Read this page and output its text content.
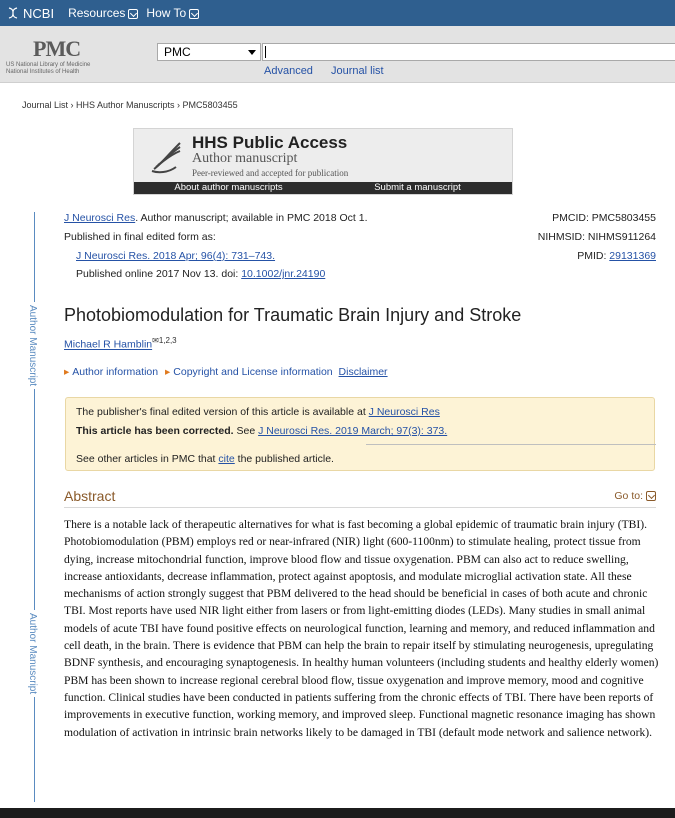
NCBI Resources How To
PMC
US National Library of Medicine
National Institutes of Health
PMC
Advanced Journal list
Journal List › HHS Author Manuscripts › PMC5803455
HHS Public Access
Author manuscript
Peer-reviewed and accepted for publication
About author manuscripts	Submit a manuscript
Author Manuscript
Author Manuscript
J Neurosci Res. Author manuscript; available in PMC 2018 Oct 1.
Published in final edited form as:
J Neurosci Res. 2018 Apr; 96(4): 731–743.
Published online 2017 Nov 13. doi: 10.1002/jnr.24190
PMCID: PMC5803455
NIHMSID: NIHMS911264
PMID: 29131369
Photobiomodulation for Traumatic Brain Injury and Stroke
Michael R Hamblin$^{✉1,2,3}$
▸ Author information ▸ Copyright and License information Disclaimer
The publisher's final edited version of this article is available at J Neurosci Res
This article has been corrected. See J Neurosci Res. 2019 March; 97(3): 373.
See other articles in PMC that cite the published article.
Abstract	Go to:
There is a notable lack of therapeutic alternatives for what is fast becoming a global epidemic of traumatic brain injury (TBI). Photobiomodulation (PBM) employs red or near-infrared (NIR) light (600-1100nm) to stimulate healing, protect tissue from dying, increase mitochondrial function, improve blood flow and tissue oxygenation. PBM can also act to reduce swelling, increase antioxidants, decrease inflammation, protect against apoptosis, and modulate microglial activation state. All these mechanisms of action strongly suggest that PBM delivered to the head should be beneficial in cases of both acute and chronic TBI. Most reports have used NIR light either from lasers or from light-emitting diodes (LEDs). Many studies in small animal models of acute TBI have found positive effects on neurological function, learning and memory, and reduced inflammation and cell death, in the brain. There is evidence that PBM can help the brain to repair itself by stimulating neurogenesis, upregulating BDNF synthesis, and encouraging synaptogenesis. In healthy human volunteers (including students and healthy elderly women) PBM has been shown to increase regional cerebral blood flow, tissue oxygenation and improve memory, mood and cognitive function. Clinical studies have been conducted in patients suffering from the chronic effects of TBI. There have been reports of improvements in executive function, working memory, and improved sleep. Functional magnetic resonance imaging has shown modulation of activation in intrinsic brain networks likely to be damaged in TBI (default mode network and salience network).
